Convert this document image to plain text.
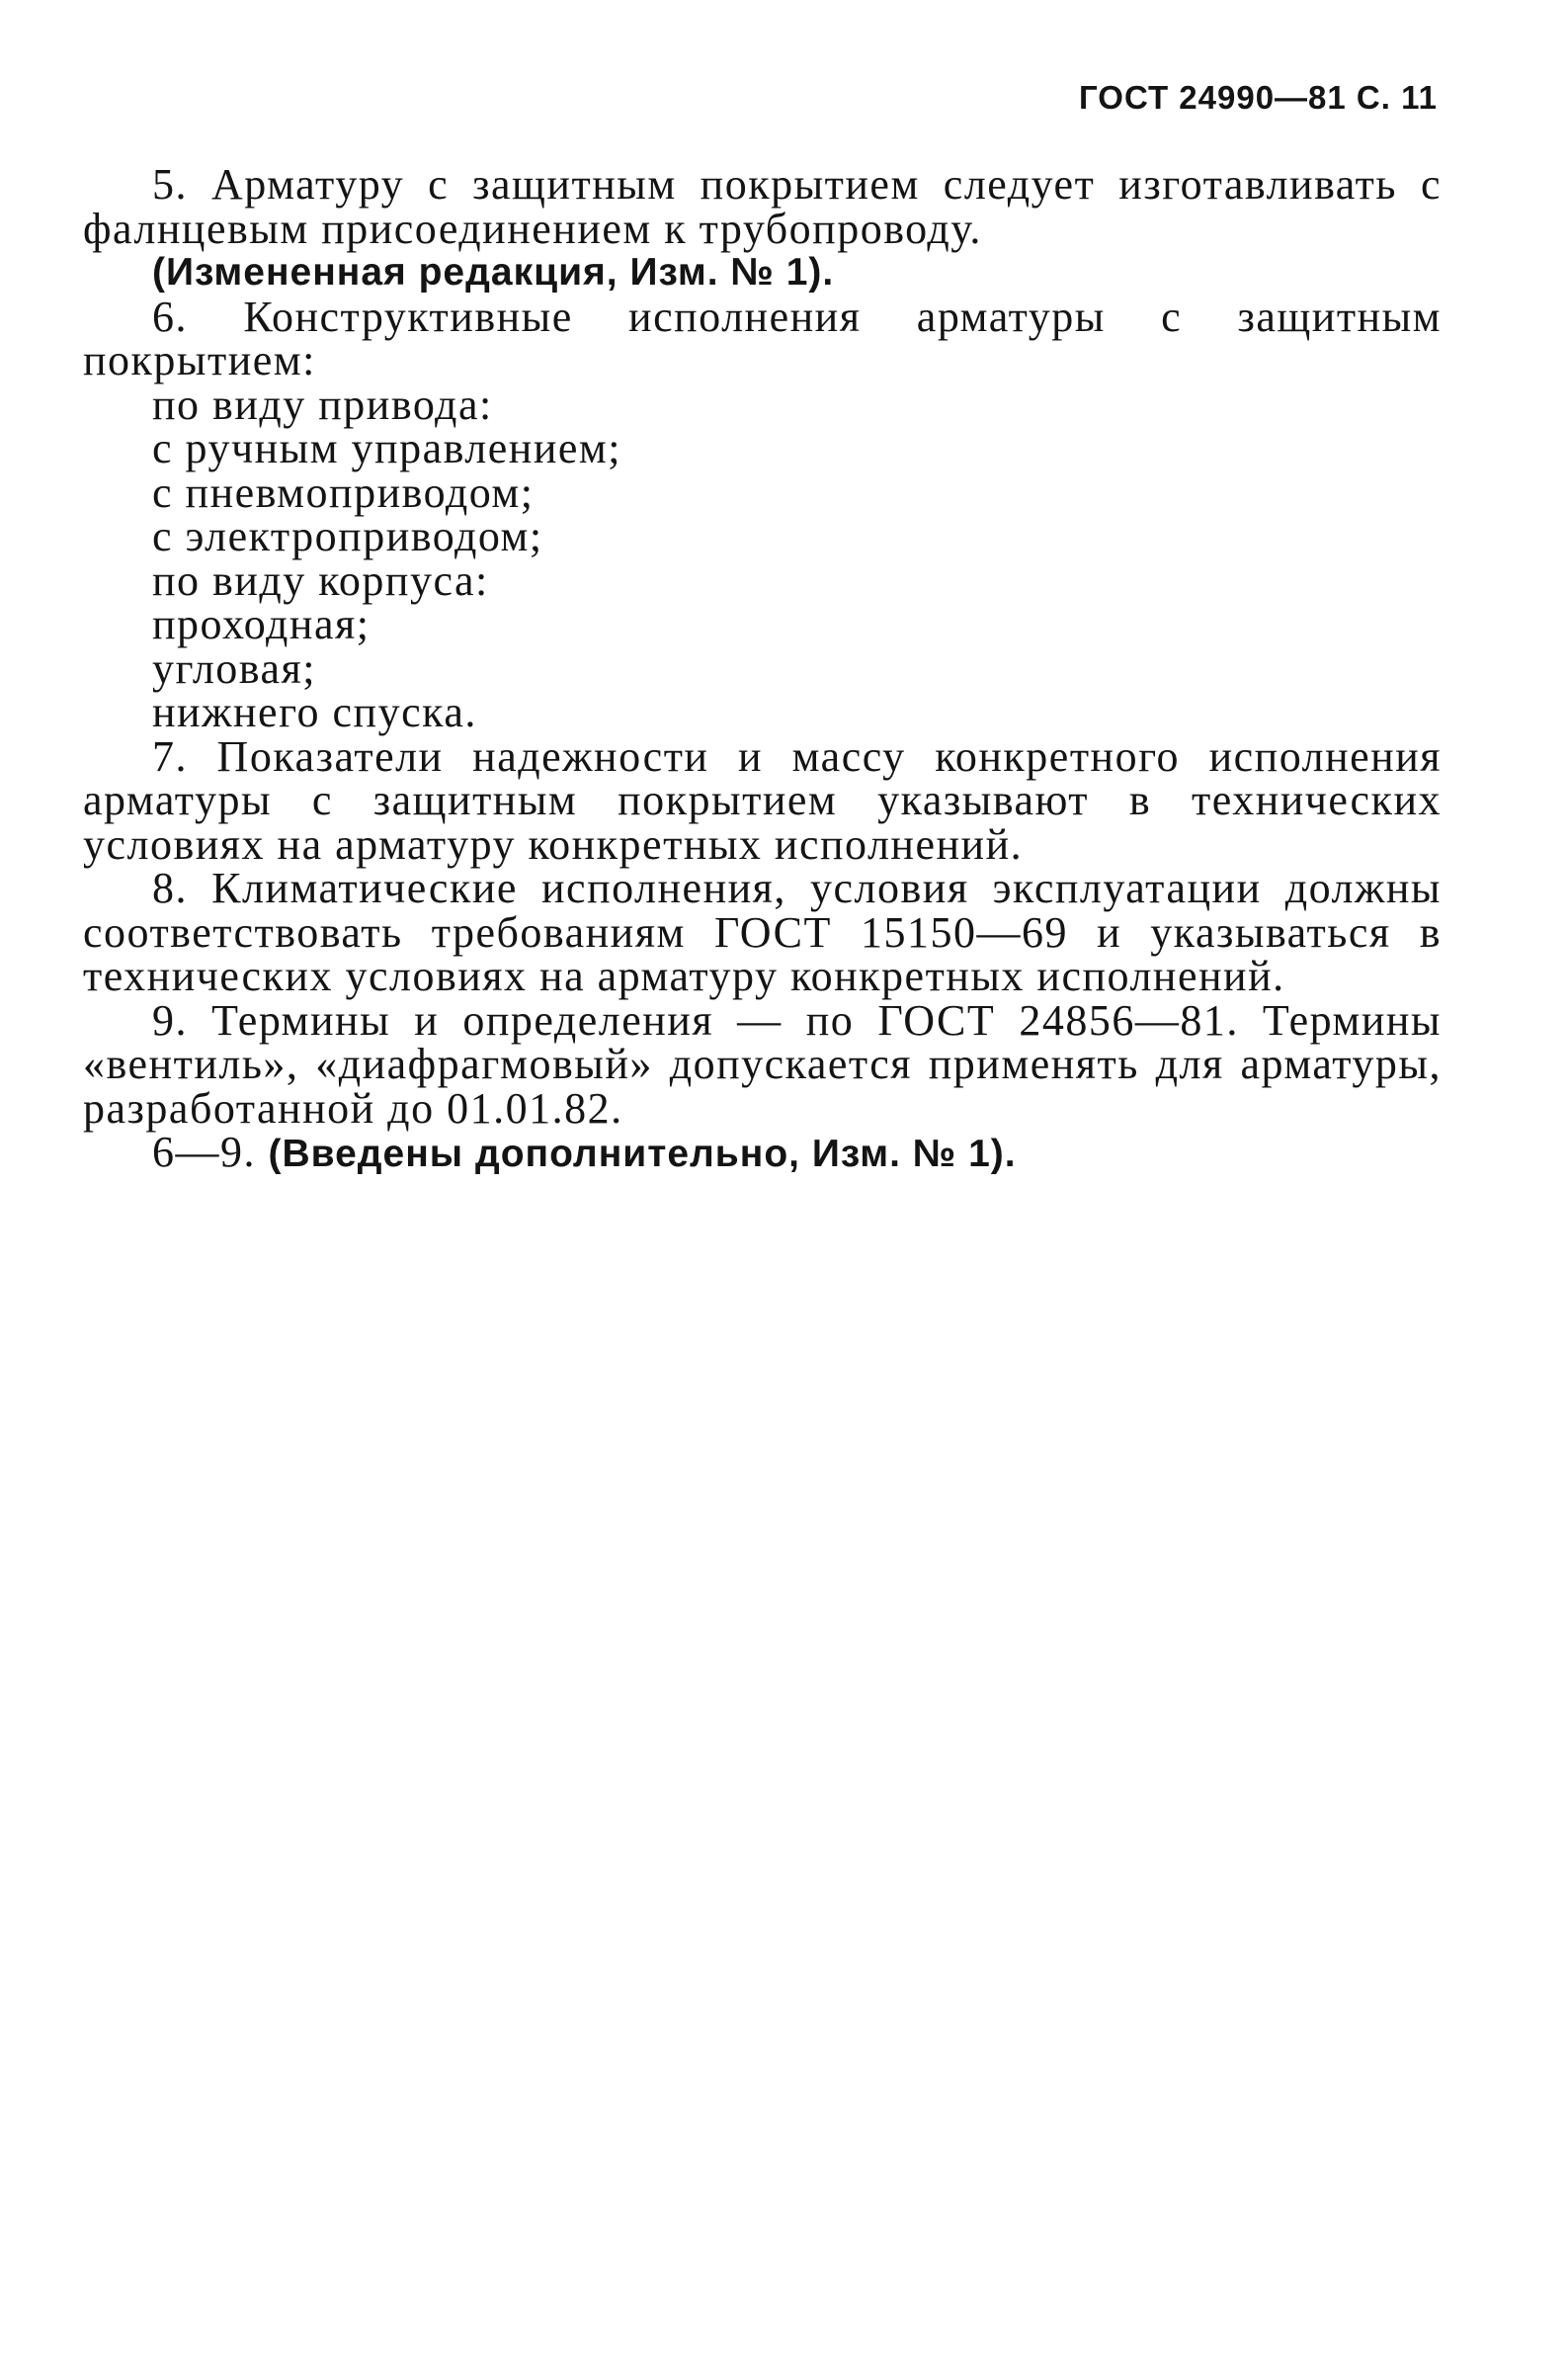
ГОСТ 24990—81 С. 11

5. Арматуру с защитным покрытием следует изготавливать с фалнцевым присоединением к трубопроводу.

(Измененная редакция, Изм. № 1).

6. Конструктивные исполнения арматуры с защитным покрытием:

по виду привода:

с ручным управлением;

с пневмоприводом;

с электроприводом;

по виду корпуса:

проходная;

угловая;

нижнего спуска.

7. Показатели надежности и массу конкретного исполнения арматуры с защитным покрытием указывают в технических условиях на арматуру конкретных исполнений.

8. Климатические исполнения, условия эксплуатации должны соответствовать требованиям ГОСТ 15150—69 и указываться в технических условиях на арматуру конкретных исполнений.

9. Термины и определения — по ГОСТ 24856—81. Термины «вентиль», «диафрагмовый» допускается применять для арматуры, разработанной до 01.01.82.

6—9. (Введены дополнительно, Изм. № 1).
